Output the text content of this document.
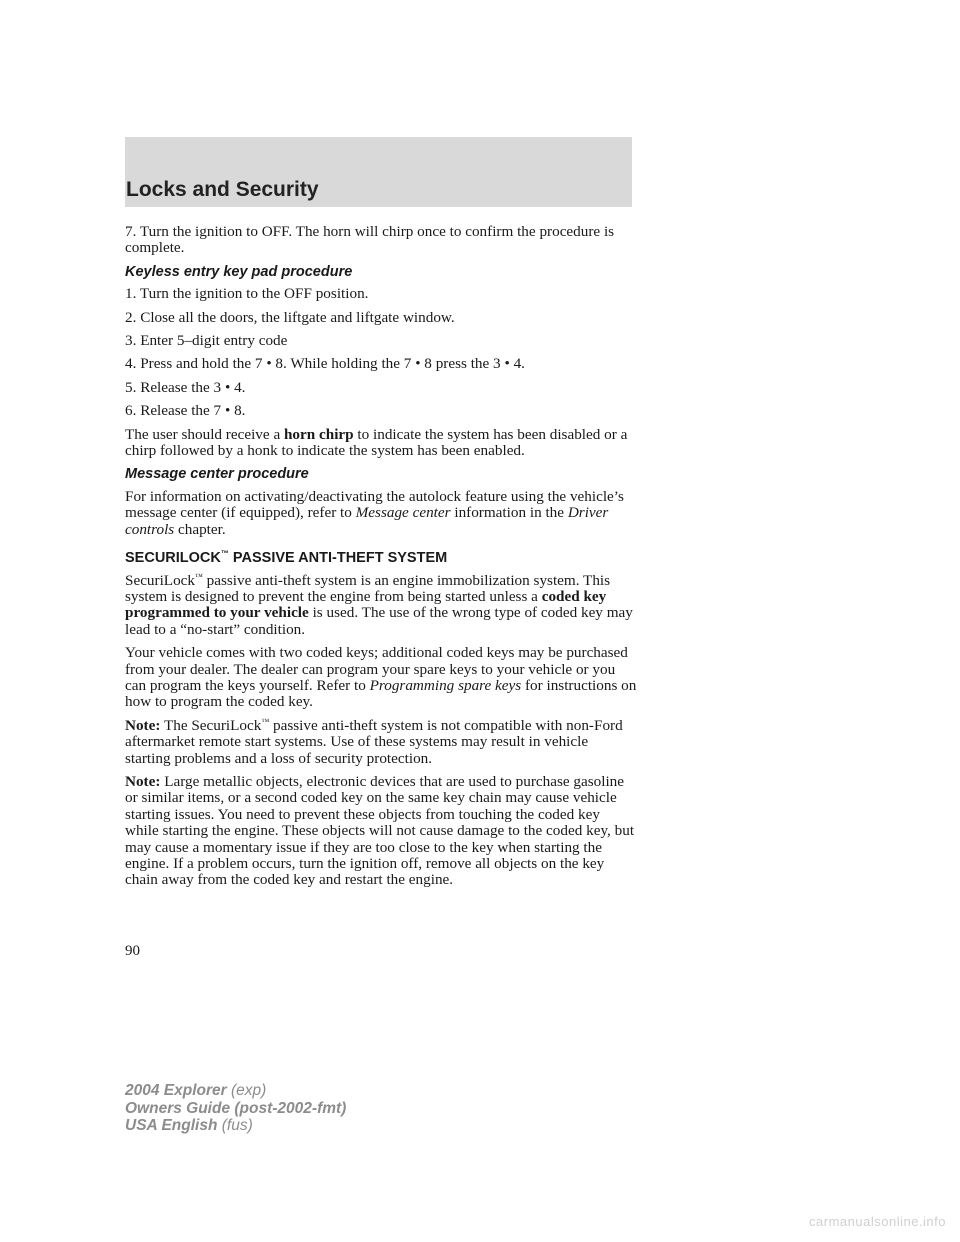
Locks and Security

7. Turn the ignition to OFF. The horn will chirp once to confirm the procedure is complete.

Keyless entry key pad procedure

1. Turn the ignition to the OFF position.

2. Close all the doors, the liftgate and liftgate window.

3. Enter 5–digit entry code

4. Press and hold the 7 • 8. While holding the 7 • 8 press the 3 • 4.

5. Release the 3 • 4.

6. Release the 7 • 8.

The user should receive a horn chirp to indicate the system has been disabled or a chirp followed by a honk to indicate the system has been enabled.

Message center procedure

For information on activating/deactivating the autolock feature using the vehicle’s message center (if equipped), refer to Message center information in the Driver controls chapter.

SECURILOCK™ PASSIVE ANTI-THEFT SYSTEM

SecuriLock™ passive anti-theft system is an engine immobilization system. This system is designed to prevent the engine from being started unless a coded key programmed to your vehicle is used. The use of the wrong type of coded key may lead to a “no-start” condition.

Your vehicle comes with two coded keys; additional coded keys may be purchased from your dealer. The dealer can program your spare keys to your vehicle or you can program the keys yourself. Refer to Programming spare keys for instructions on how to program the coded key.

Note: The SecuriLock™ passive anti-theft system is not compatible with non-Ford aftermarket remote start systems. Use of these systems may result in vehicle starting problems and a loss of security protection.

Note: Large metallic objects, electronic devices that are used to purchase gasoline or similar items, or a second coded key on the same key chain may cause vehicle starting issues. You need to prevent these objects from touching the coded key while starting the engine. These objects will not cause damage to the coded key, but may cause a momentary issue if they are too close to the key when starting the engine. If a problem occurs, turn the ignition off, remove all objects on the key chain away from the coded key and restart the engine.

90

2004 Explorer (exp)
Owners Guide (post-2002-fmt)
USA English (fus)
carmanualsonline.info
